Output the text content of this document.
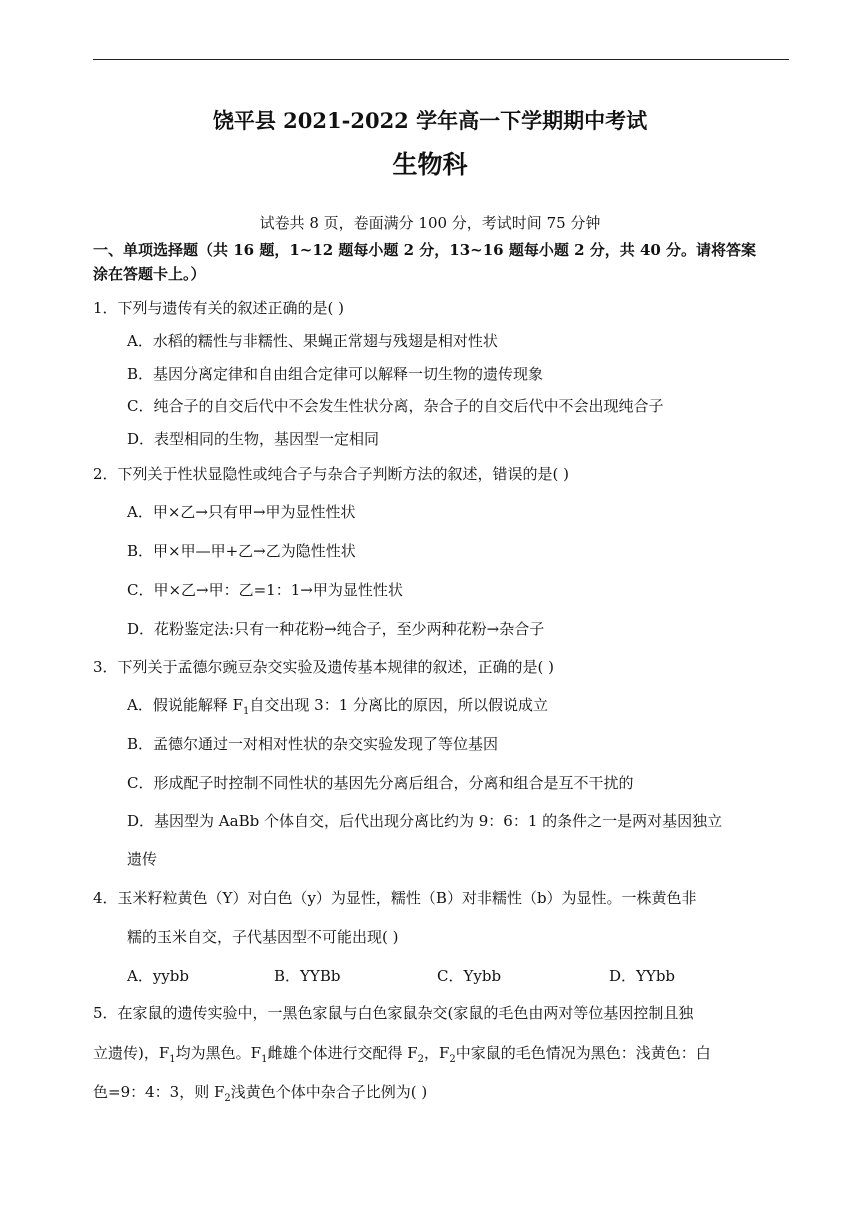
饶平县 2021-2022 学年高一下学期期中考试
生物科
试卷共 8 页，卷面满分 100 分，考试时间 75 分钟
一、单项选择题（共 16 题，1~12 题每小题 2 分，13~16 题每小题 2 分，共 40 分。请将答案
涂在答题卡上。）
1．下列与遗传有关的叙述正确的是( )
A．水稻的糯性与非糯性、果蝇正常翅与残翅是相对性状
B．基因分离定律和自由组合定律可以解释一切生物的遗传现象
C．纯合子的自交后代中不会发生性状分离，杂合子的自交后代中不会出现纯合子
D．表型相同的生物，基因型一定相同
2．下列关于性状显隐性或纯合子与杂合子判断方法的叙述，错误的是( )
A．甲×乙→只有甲→甲为显性性状
B．甲×甲—甲+乙→乙为隐性性状
C．甲×乙→甲：乙=1：1→甲为显性性状
D．花粉鉴定法:只有一种花粉→纯合子，至少两种花粉→杂合子
3．下列关于孟德尔豌豆杂交实验及遗传基本规律的叙述，正确的是( )
A．假说能解释 $F_1$自交出现 3：1 分离比的原因，所以假说成立
B．孟德尔通过一对相对性状的杂交实验发现了等位基因
C．形成配子时控制不同性状的基因先分离后组合，分离和组合是互不干扰的
D．基因型为 AaBb 个体自交，后代出现分离比约为 9：6：1 的条件之一是两对基因独立
遗传
4．玉米籽粒黄色（Y）对白色（y）为显性，糯性（B）对非糯性（b）为显性。一株黄色非
糯的玉米自交，子代基因型不可能出现( )
A．yybb	B．YYBb	C．Yybb	D．YYbb
5．在家鼠的遗传实验中，一黑色家鼠与白色家鼠杂交(家鼠的毛色由两对等位基因控制且独
立遗传)，$F_1$均为黑色。$F_1$雌雄个体进行交配得 $F_2$，$F_2$中家鼠的毛色情况为黑色：浅黄色：白
色=9：4：3，则 $F_2$浅黄色个体中杂合子比例为( )
